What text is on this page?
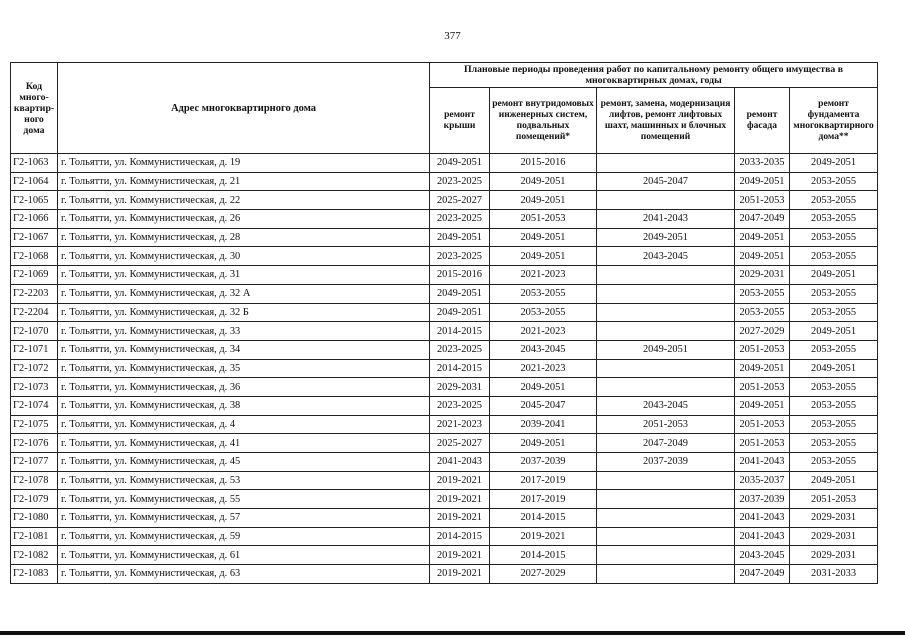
377
Код много-квартир-ного дома	Адрес многоквартирного дома	Плановые периоды проведения работ по капитальному ремонту общего имущества в многоквартирных домах, годы				
		ремонт крыши	ремонт внутридомовых инженерных систем, подвальных помещений*	ремонт, замена, модернизация лифтов, ремонт лифтовых шахт, машинных и блочных помещений	ремонт фасада	ремонт фундамента многоквартирного дома**
Г2-1063	г. Тольятти, ул. Коммунистическая, д. 19	2049-2051	2015-2016		2033-2035	2049-2051
Г2-1064	г. Тольятти, ул. Коммунистическая, д. 21	2023-2025	2049-2051	2045-2047	2049-2051	2053-2055
Г2-1065	г. Тольятти, ул. Коммунистическая, д. 22	2025-2027	2049-2051		2051-2053	2053-2055
Г2-1066	г. Тольятти, ул. Коммунистическая, д. 26	2023-2025	2051-2053	2041-2043	2047-2049	2053-2055
Г2-1067	г. Тольятти, ул. Коммунистическая, д. 28	2049-2051	2049-2051	2049-2051	2049-2051	2053-2055
Г2-1068	г. Тольятти, ул. Коммунистическая, д. 30	2023-2025	2049-2051	2043-2045	2049-2051	2053-2055
Г2-1069	г. Тольятти, ул. Коммунистическая, д. 31	2015-2016	2021-2023		2029-2031	2049-2051
Г2-2203	г. Тольятти, ул. Коммунистическая, д. 32 А	2049-2051	2053-2055		2053-2055	2053-2055
Г2-2204	г. Тольятти, ул. Коммунистическая, д. 32 Б	2049-2051	2053-2055		2053-2055	2053-2055
Г2-1070	г. Тольятти, ул. Коммунистическая, д. 33	2014-2015	2021-2023		2027-2029	2049-2051
Г2-1071	г. Тольятти, ул. Коммунистическая, д. 34	2023-2025	2043-2045	2049-2051	2051-2053	2053-2055
Г2-1072	г. Тольятти, ул. Коммунистическая, д. 35	2014-2015	2021-2023		2049-2051	2049-2051
Г2-1073	г. Тольятти, ул. Коммунистическая, д. 36	2029-2031	2049-2051		2051-2053	2053-2055
Г2-1074	г. Тольятти, ул. Коммунистическая, д. 38	2023-2025	2045-2047	2043-2045	2049-2051	2053-2055
Г2-1075	г. Тольятти, ул. Коммунистическая, д. 4	2021-2023	2039-2041	2051-2053	2051-2053	2053-2055
Г2-1076	г. Тольятти, ул. Коммунистическая, д. 41	2025-2027	2049-2051	2047-2049	2051-2053	2053-2055
Г2-1077	г. Тольятти, ул. Коммунистическая, д. 45	2041-2043	2037-2039	2037-2039	2041-2043	2053-2055
Г2-1078	г. Тольятти, ул. Коммунистическая, д. 53	2019-2021	2017-2019		2035-2037	2049-2051
Г2-1079	г. Тольятти, ул. Коммунистическая, д. 55	2019-2021	2017-2019		2037-2039	2051-2053
Г2-1080	г. Тольятти, ул. Коммунистическая, д. 57	2019-2021	2014-2015		2041-2043	2029-2031
Г2-1081	г. Тольятти, ул. Коммунистическая, д. 59	2014-2015	2019-2021		2041-2043	2029-2031
Г2-1082	г. Тольятти, ул. Коммунистическая, д. 61	2019-2021	2014-2015		2043-2045	2029-2031
Г2-1083	г. Тольятти, ул. Коммунистическая, д. 63	2019-2021	2027-2029		2047-2049	2031-2033
